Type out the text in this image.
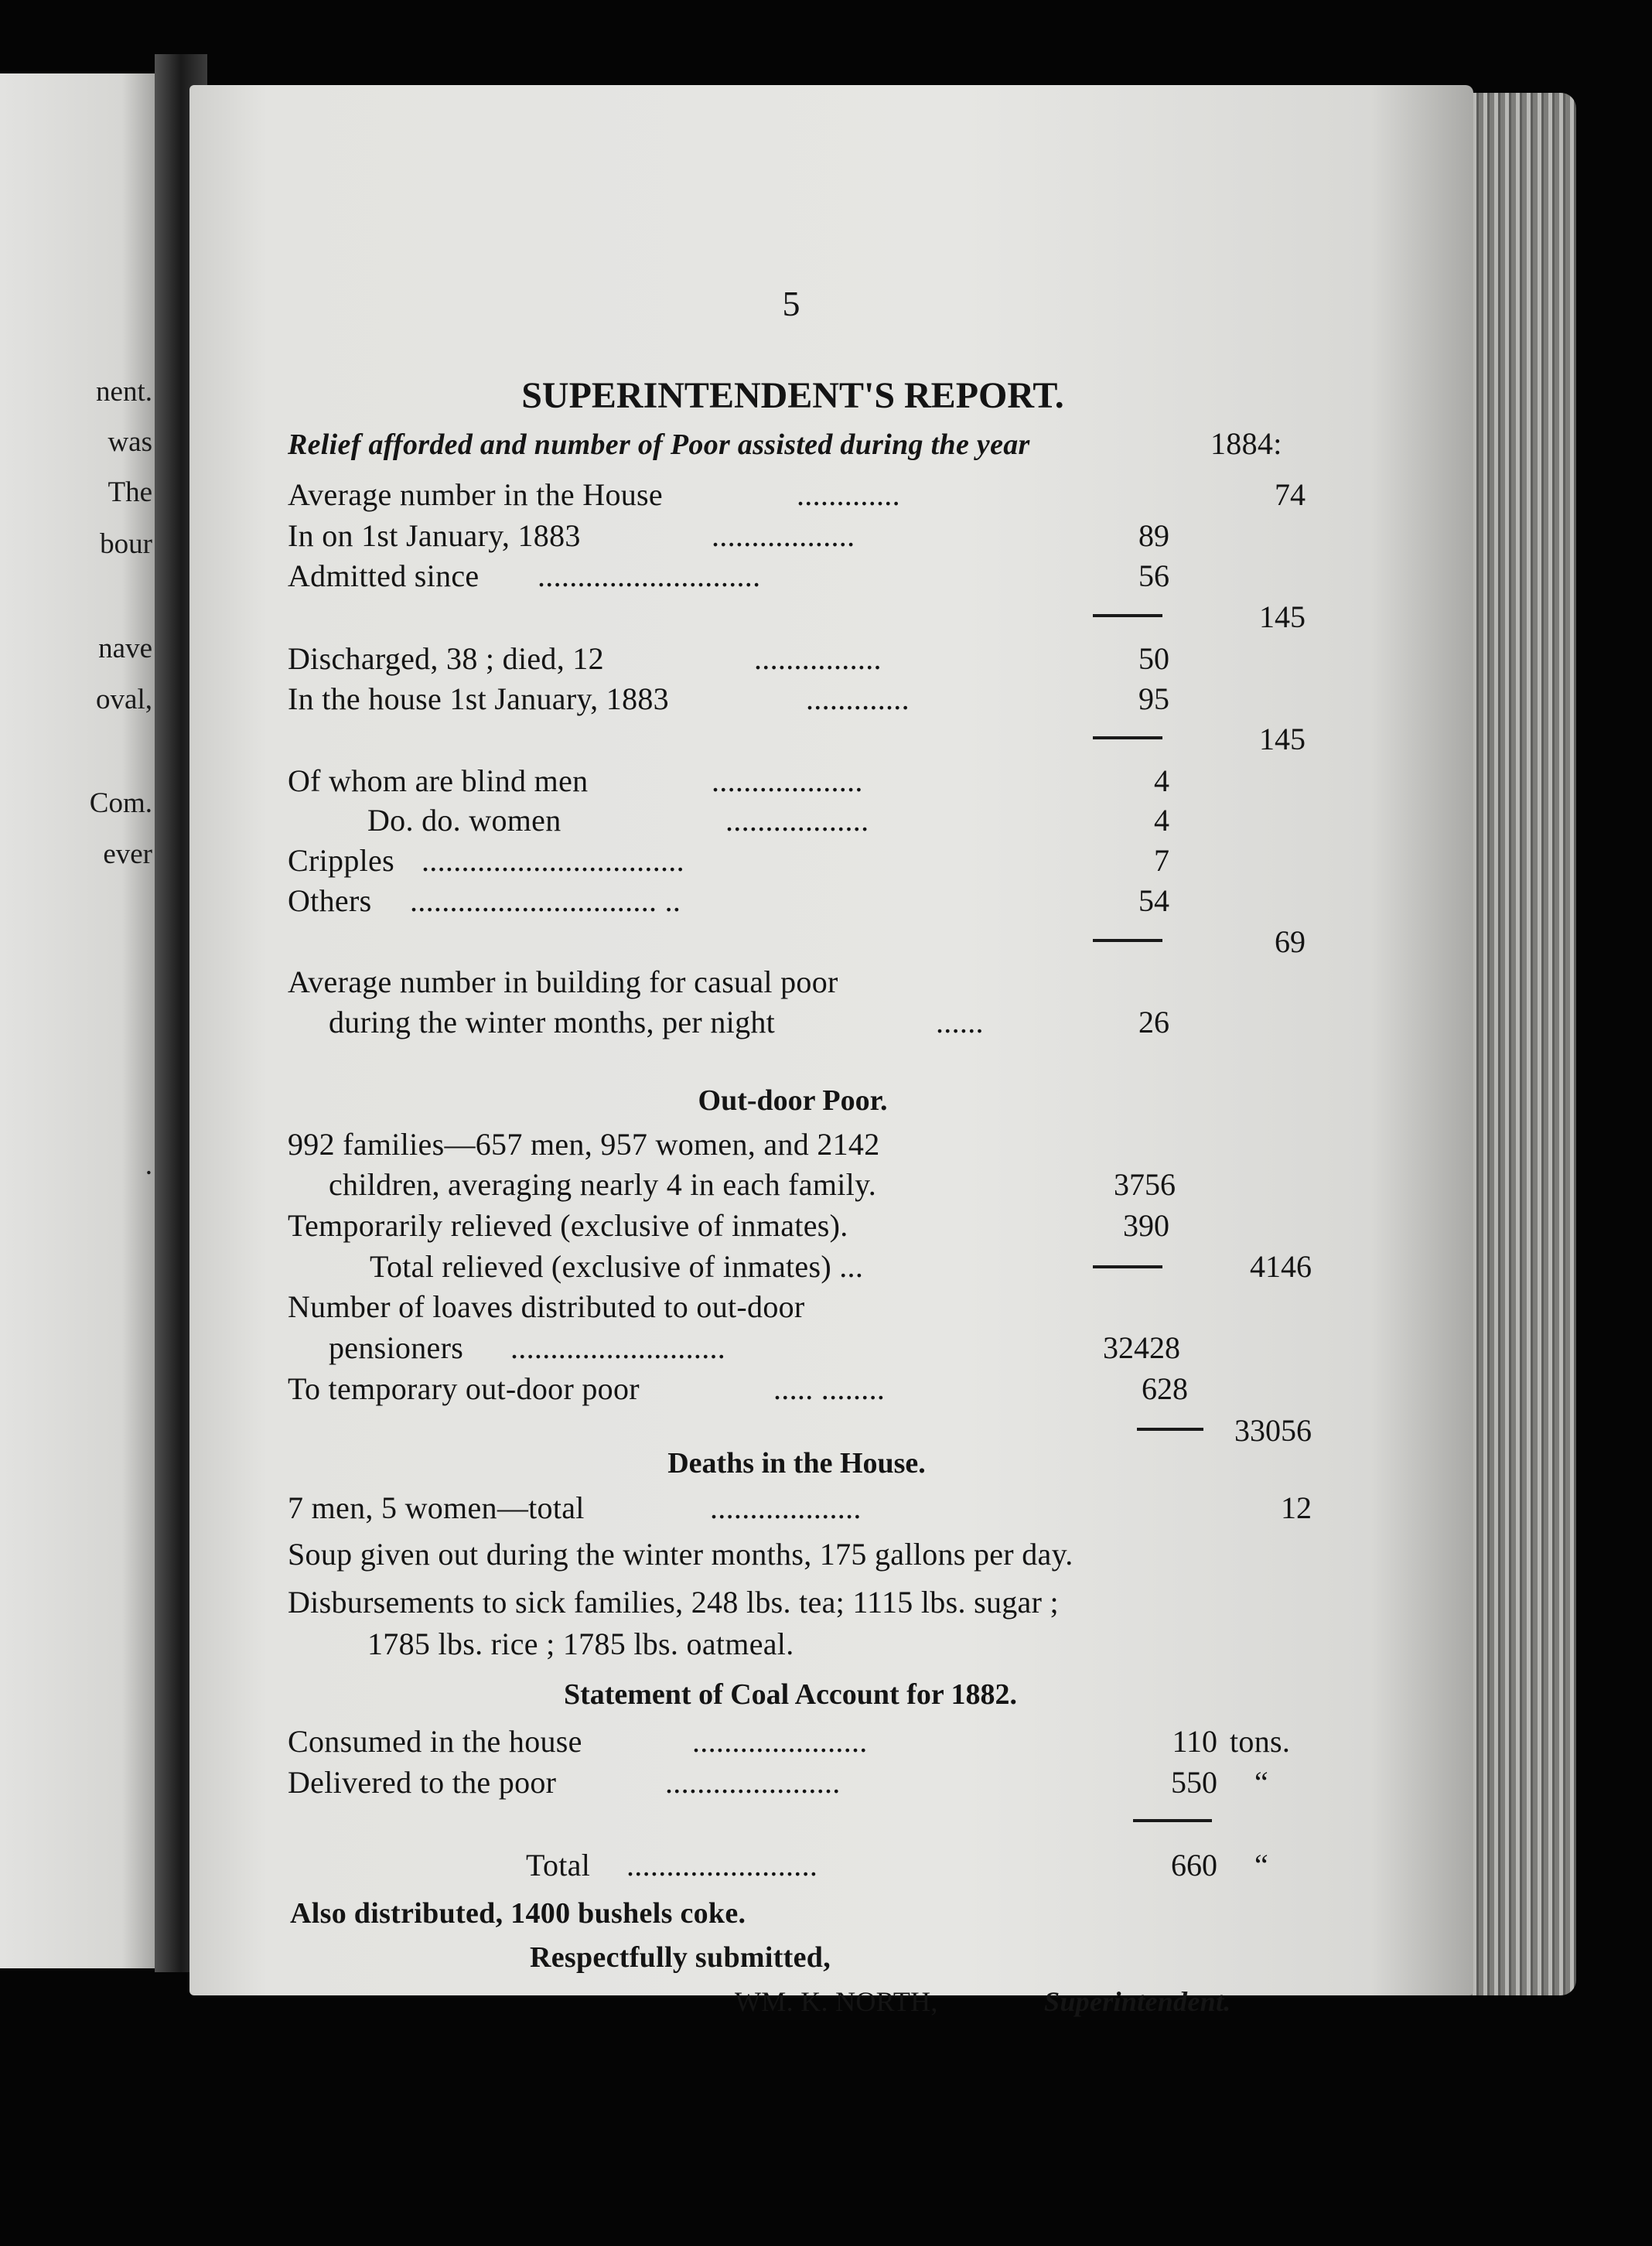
nent.
was
The
bour
nave
oval,
Com.
ever
.
5
SUPERINTENDENT'S REPORT.
Relief afforded and number of Poor assisted during the year	1884:
Average number in the House	.............	74
In on 1st January, 1883	..................	89
Admitted since ............................	56
145
Discharged, 38 ; died, 12	................	50
In the house 1st January, 1883	.............	95
145
Of whom are blind men	...................	4
Do. do. women	..................	4
Cripples .................................	7
Others ............................... ..	54
69
Average number in building for casual poor
during the winter months, per night	......	26
Out-door Poor.
992 families—657 men, 957 women, and 2142
children, averaging nearly 4 in each family.	3756
Temporarily relieved (exclusive of inmates).	390
Total relieved (exclusive of inmates) ...	4146
Number of loaves distributed to out-door
pensioners ...........................	32428
To temporary out-door poor	..... ........	628
33056
Deaths in the House.
7 men, 5 women—total	...................	12
Soup given out during the winter months, 175 gallons per day.
Disbursements to sick families, 248 lbs. tea; 1115 lbs. sugar ;
1785 lbs. rice ; 1785 lbs. oatmeal.
Statement of Coal Account for 1882.
Consumed in the house	......................	110 tons.
Delivered to the poor	......................	550 “
Total ........................	660 “
Also distributed, 1400 bushels coke.
Respectfully submitted,
WM. K. NORTH,	Superintendent.
